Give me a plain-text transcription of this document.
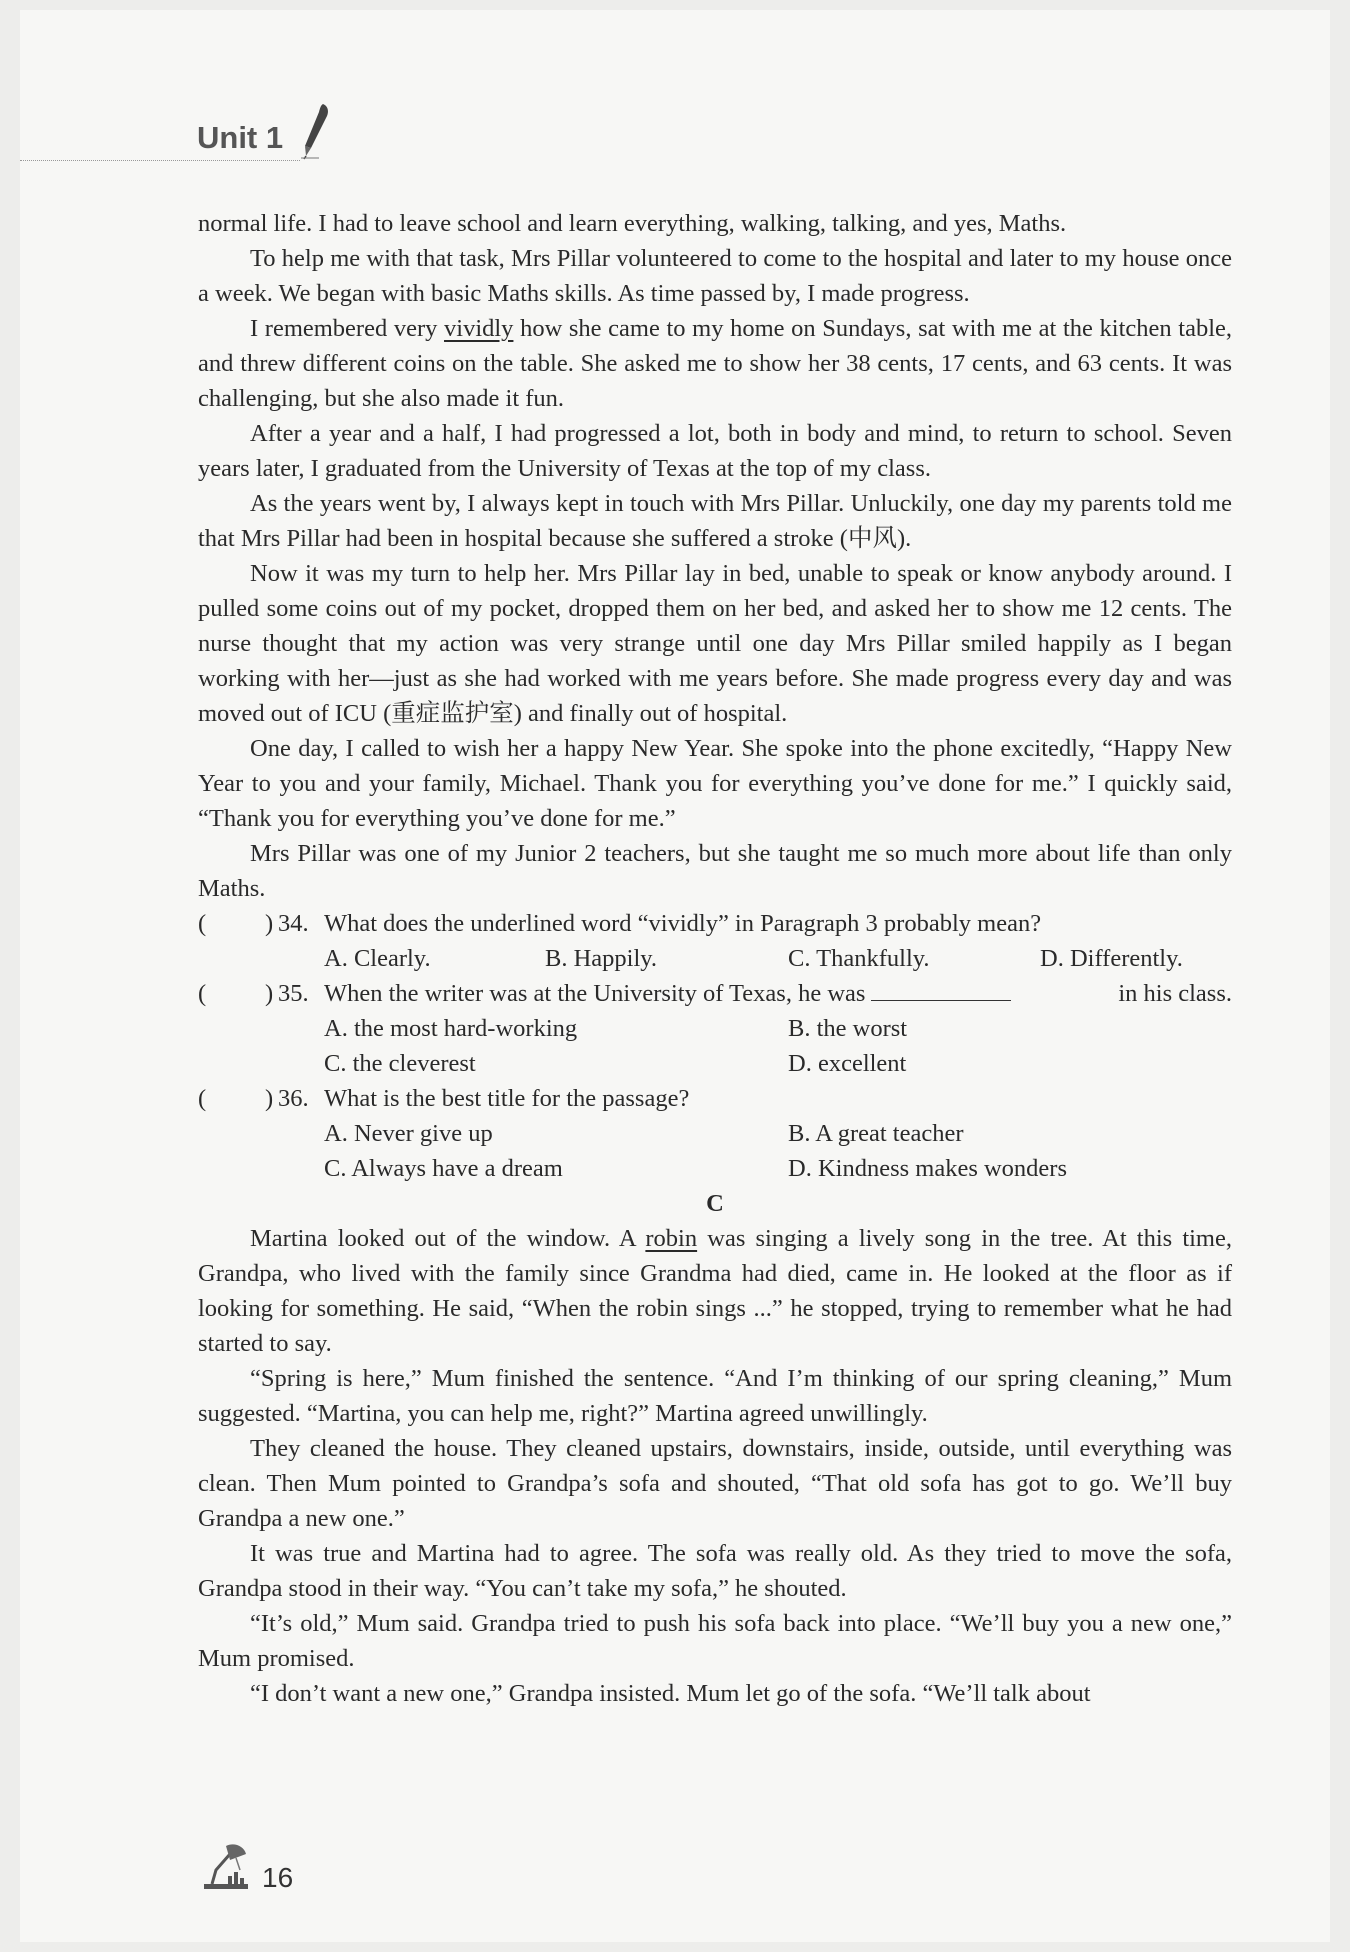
Unit 1

normal life. I had to leave school and learn everything, walking, talking, and yes, Maths.

To help me with that task, Mrs Pillar volunteered to come to the hospital and later to my house once a week. We began with basic Maths skills. As time passed by, I made progress.

I remembered very vividly how she came to my home on Sundays, sat with me at the kitchen table, and threw different coins on the table. She asked me to show her 38 cents, 17 cents, and 63 cents. It was challenging, but she also made it fun.

After a year and a half, I had progressed a lot, both in body and mind, to return to school. Seven years later, I graduated from the University of Texas at the top of my class.

As the years went by, I always kept in touch with Mrs Pillar. Unluckily, one day my parents told me that Mrs Pillar had been in hospital because she suffered a stroke (中风).

Now it was my turn to help her. Mrs Pillar lay in bed, unable to speak or know anybody around. I pulled some coins out of my pocket, dropped them on her bed, and asked her to show me 12 cents. The nurse thought that my action was very strange until one day Mrs Pillar smiled happily as I began working with her—just as she had worked with me years before. She made progress every day and was moved out of ICU (重症监护室) and finally out of hospital.

One day, I called to wish her a happy New Year. She spoke into the phone excitedly, “Happy New Year to you and your family, Michael. Thank you for everything you’ve done for me.” I quickly said, “Thank you for everything you’ve done for me.”

Mrs Pillar was one of my Junior 2 teachers, but she taught me so much more about life than only Maths.

( ) 34. What does the underlined word “vividly” in Paragraph 3 probably mean?
A. Clearly.	B. Happily.	C. Thankfully.	D. Differently.
( ) 35. When the writer was at the University of Texas, he was	in his class.
A. the most hard-working	B. the worst
C. the cleverest	D. excellent
( ) 36. What is the best title for the passage?
A. Never give up	B. A great teacher
C. Always have a dream	D. Kindness makes wonders

C

Martina looked out of the window. A robin was singing a lively song in the tree. At this time, Grandpa, who lived with the family since Grandma had died, came in. He looked at the floor as if looking for something. He said, “When the robin sings ...” he stopped, trying to remember what he had started to say.

“Spring is here,” Mum finished the sentence. “And I’m thinking of our spring cleaning,” Mum suggested. “Martina, you can help me, right?” Martina agreed unwillingly.

They cleaned the house. They cleaned upstairs, downstairs, inside, outside, until everything was clean. Then Mum pointed to Grandpa’s sofa and shouted, “That old sofa has got to go. We’ll buy Grandpa a new one.”

It was true and Martina had to agree. The sofa was really old. As they tried to move the sofa, Grandpa stood in their way. “You can’t take my sofa,” he shouted.

“It’s old,” Mum said. Grandpa tried to push his sofa back into place. “We’ll buy you a new one,” Mum promised.

“I don’t want a new one,” Grandpa insisted. Mum let go of the sofa. “We’ll talk about

16
